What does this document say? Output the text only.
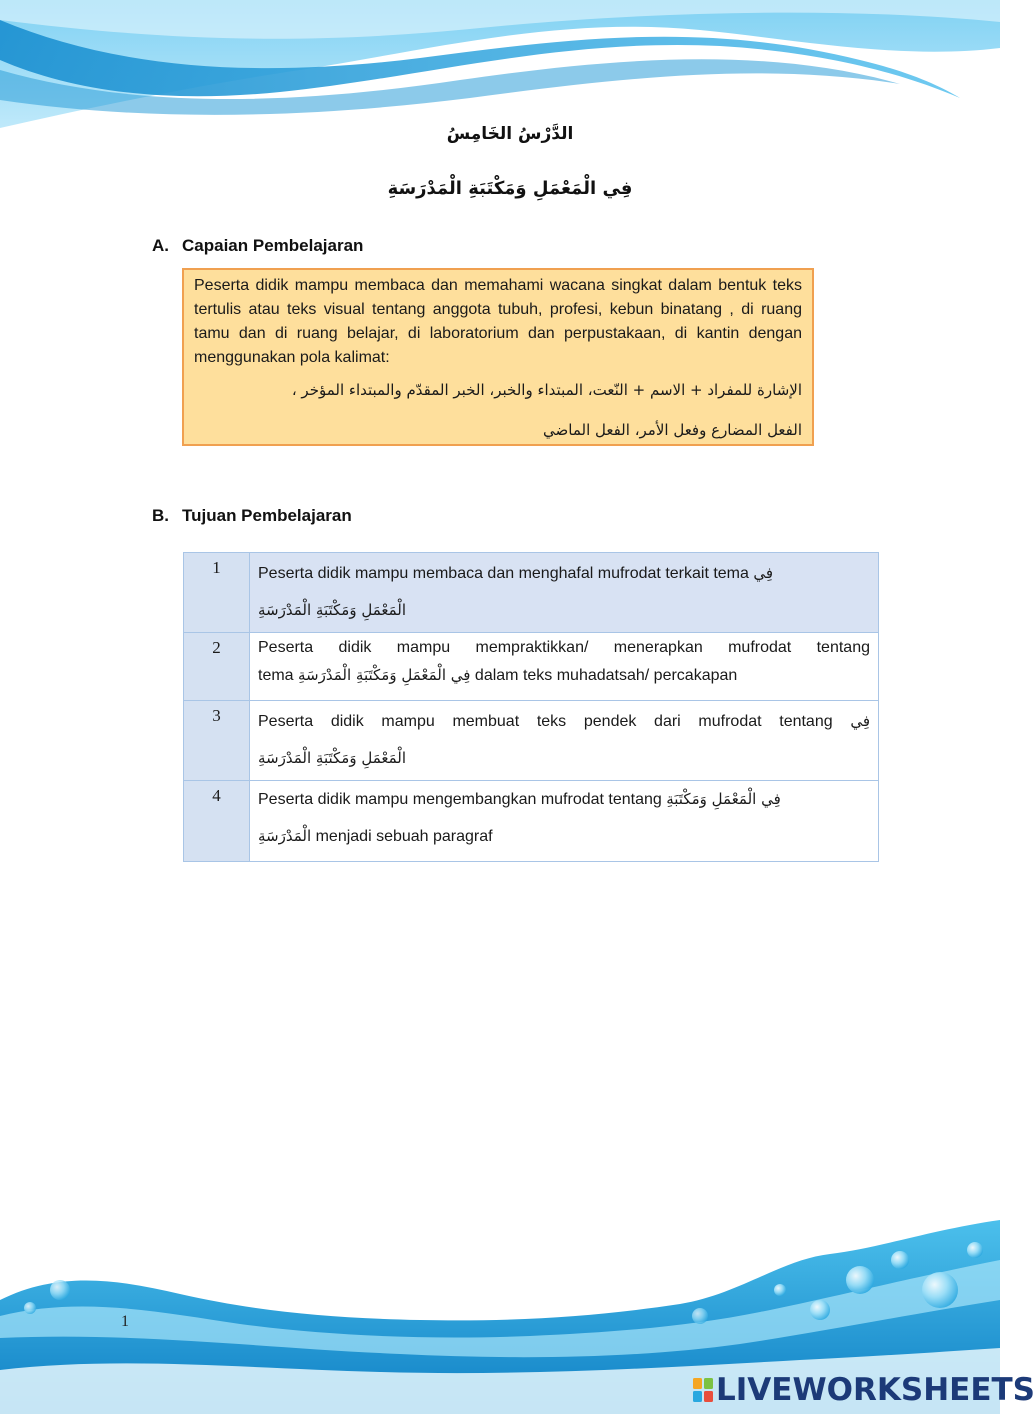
الدَّرْسُ الخَامِسُ
فِي الْمَعْمَلِ وَمَكْتَبَةِ الْمَدْرَسَةِ
A. Capaian Pembelajaran
Peserta didik mampu membaca dan memahami wacana singkat dalam bentuk teks tertulis atau teks visual tentang anggota tubuh, profesi, kebun binatang , di ruang tamu dan di ruang belajar, di laboratorium dan perpustakaan, di kantin dengan menggunakan pola kalimat:
الإشارة للمفراد + الاسم + النّعت، المبتداء والخبر، الخبر المقدّم والمبتداء المؤخر ،
الفعل المضارع وفعل الأمر، الفعل الماضي
B. Tujuan Pembelajaran
1	Peserta didik mampu membaca dan menghafal mufrodat terkait tema فِي
الْمَعْمَلِ وَمَكْتَبَةِ الْمَدْرَسَةِ

2	Peserta didik mampu mempraktikkan/ menerapkan mufrodat tentang
tema فِي الْمَعْمَلِ وَمَكْتَبَةِ الْمَدْرَسَةِ dalam teks muhadatsah/ percakapan

3	Peserta didik mampu membuat teks pendek dari mufrodat tentang فِي
الْمَعْمَلِ وَمَكْتَبَةِ الْمَدْرَسَةِ

4	Peserta didik mampu mengembangkan mufrodat tentang فِي الْمَعْمَلِ وَمَكْتَبَةِ
الْمَدْرَسَةِ menjadi sebuah paragraf
1
LIVEWORKSHEETS
